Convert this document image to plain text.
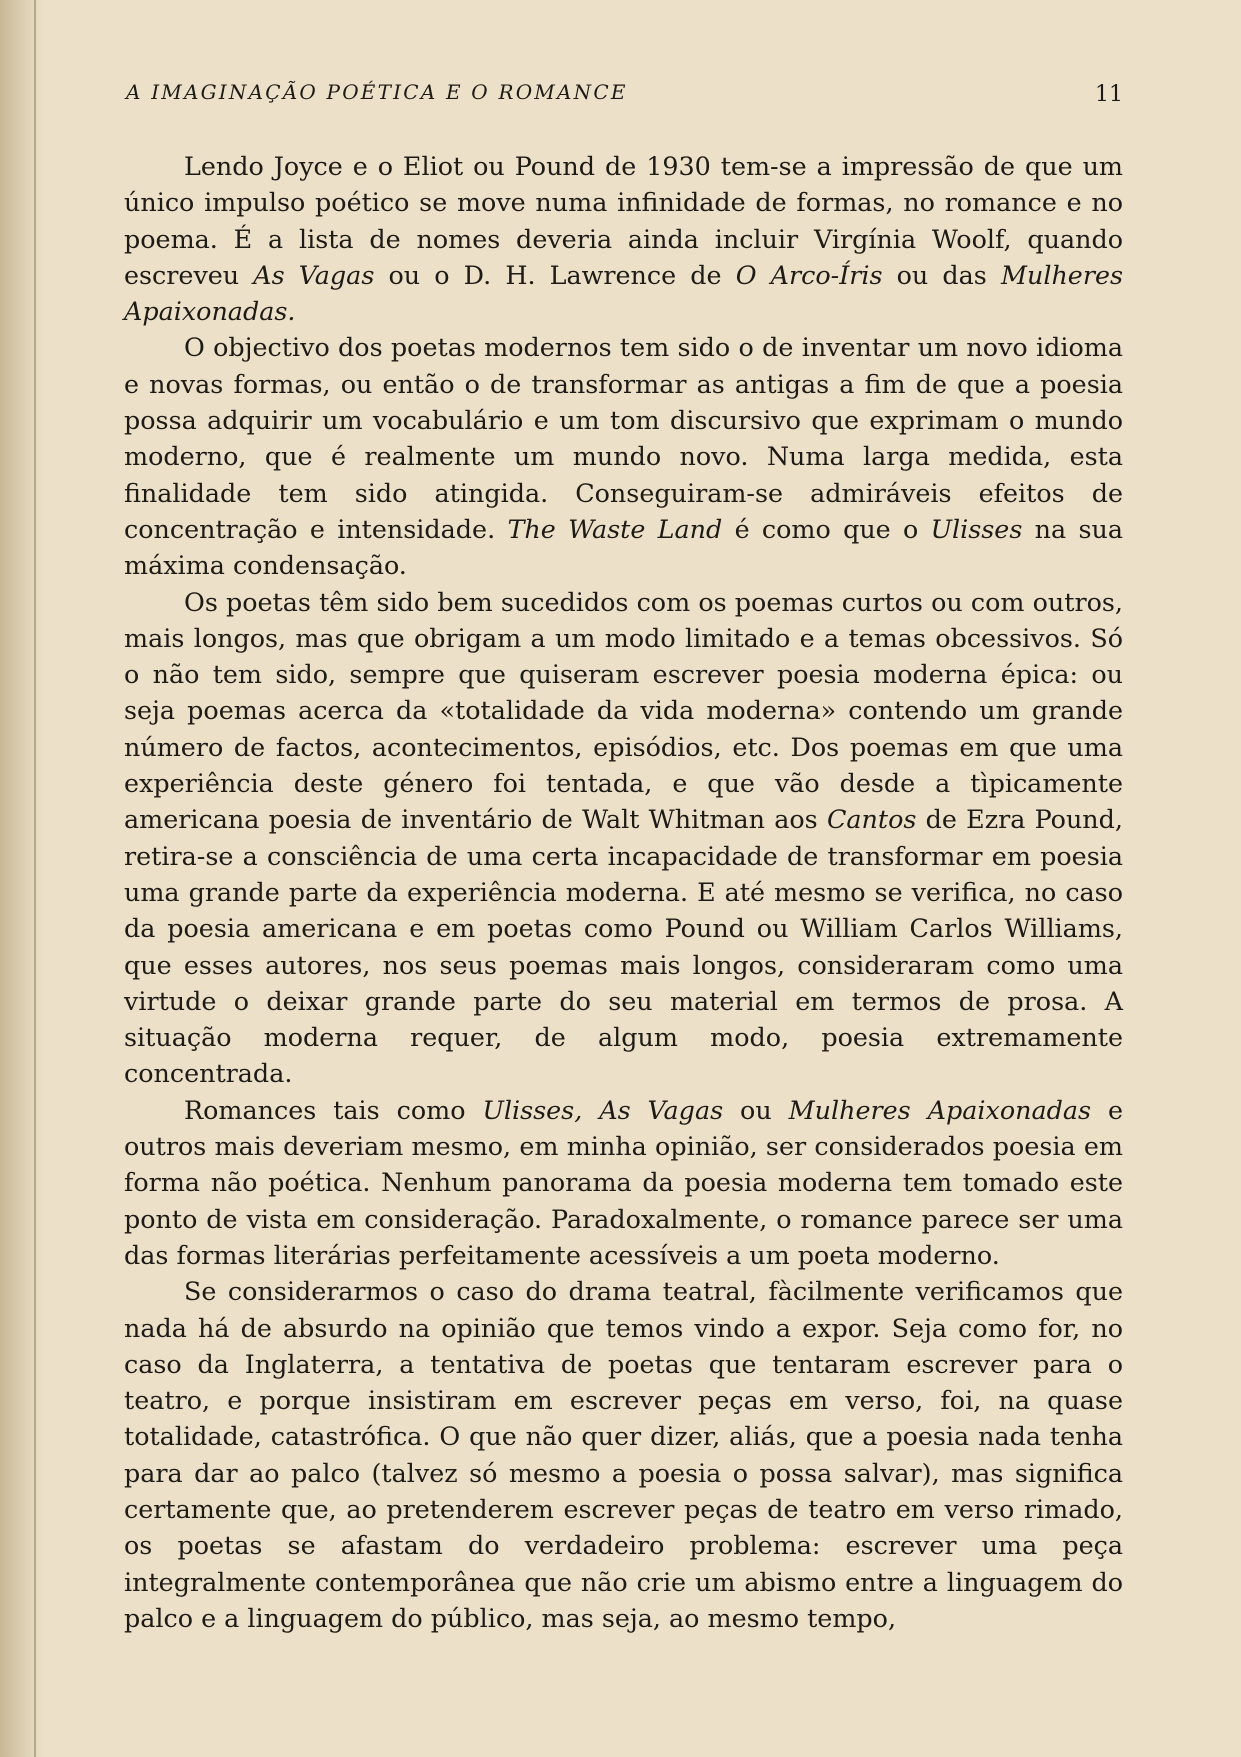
A IMAGINAÇÃO POÉTICA E O ROMANCE	11

Lendo Joyce e o Eliot ou Pound de 1930 tem-se a impressão de que um único impulso poético se move numa infinidade de formas, no romance e no poema. É a lista de nomes deveria ainda incluir Virgínia Woolf, quando escreveu As Vagas ou o D. H. Lawrence de O Arco-Íris ou das Mulheres Apaixonadas.

O objectivo dos poetas modernos tem sido o de inventar um novo idioma e novas formas, ou então o de transformar as antigas a fim de que a poesia possa adquirir um vocabulário e um tom discursivo que exprimam o mundo moderno, que é realmente um mundo novo. Numa larga medida, esta finalidade tem sido atingida. Conseguiram-se admiráveis efeitos de concentração e intensidade. The Waste Land é como que o Ulisses na sua máxima condensação.

Os poetas têm sido bem sucedidos com os poemas curtos ou com outros, mais longos, mas que obrigam a um modo limitado e a temas obcessivos. Só o não tem sido, sempre que quiseram escrever poesia moderna épica: ou seja poemas acerca da «totalidade da vida moderna» contendo um grande número de factos, acontecimentos, episódios, etc. Dos poemas em que uma experiência deste género foi tentada, e que vão desde a tìpicamente americana poesia de inventário de Walt Whitman aos Cantos de Ezra Pound, retira-se a consciência de uma certa incapacidade de transformar em poesia uma grande parte da experiência moderna. E até mesmo se verifica, no caso da poesia americana e em poetas como Pound ou William Carlos Williams, que esses autores, nos seus poemas mais longos, consideraram como uma virtude o deixar grande parte do seu material em termos de prosa. A situação moderna requer, de algum modo, poesia extremamente concentrada.

Romances tais como Ulisses, As Vagas ou Mulheres Apaixonadas e outros mais deveriam mesmo, em minha opinião, ser considerados poesia em forma não poética. Nenhum panorama da poesia moderna tem tomado este ponto de vista em consideração. Paradoxalmente, o romance parece ser uma das formas literárias perfeitamente acessíveis a um poeta moderno.

Se considerarmos o caso do drama teatral, fàcilmente verificamos que nada há de absurdo na opinião que temos vindo a expor. Seja como for, no caso da Inglaterra, a tentativa de poetas que tentaram escrever para o teatro, e porque insistiram em escrever peças em verso, foi, na quase totalidade, catastrófica. O que não quer dizer, aliás, que a poesia nada tenha para dar ao palco (talvez só mesmo a poesia o possa salvar), mas significa certamente que, ao pretenderem escrever peças de teatro em verso rimado, os poetas se afastam do verdadeiro problema: escrever uma peça integralmente contemporânea que não crie um abismo entre a linguagem do palco e a linguagem do público, mas seja, ao mesmo tempo,
